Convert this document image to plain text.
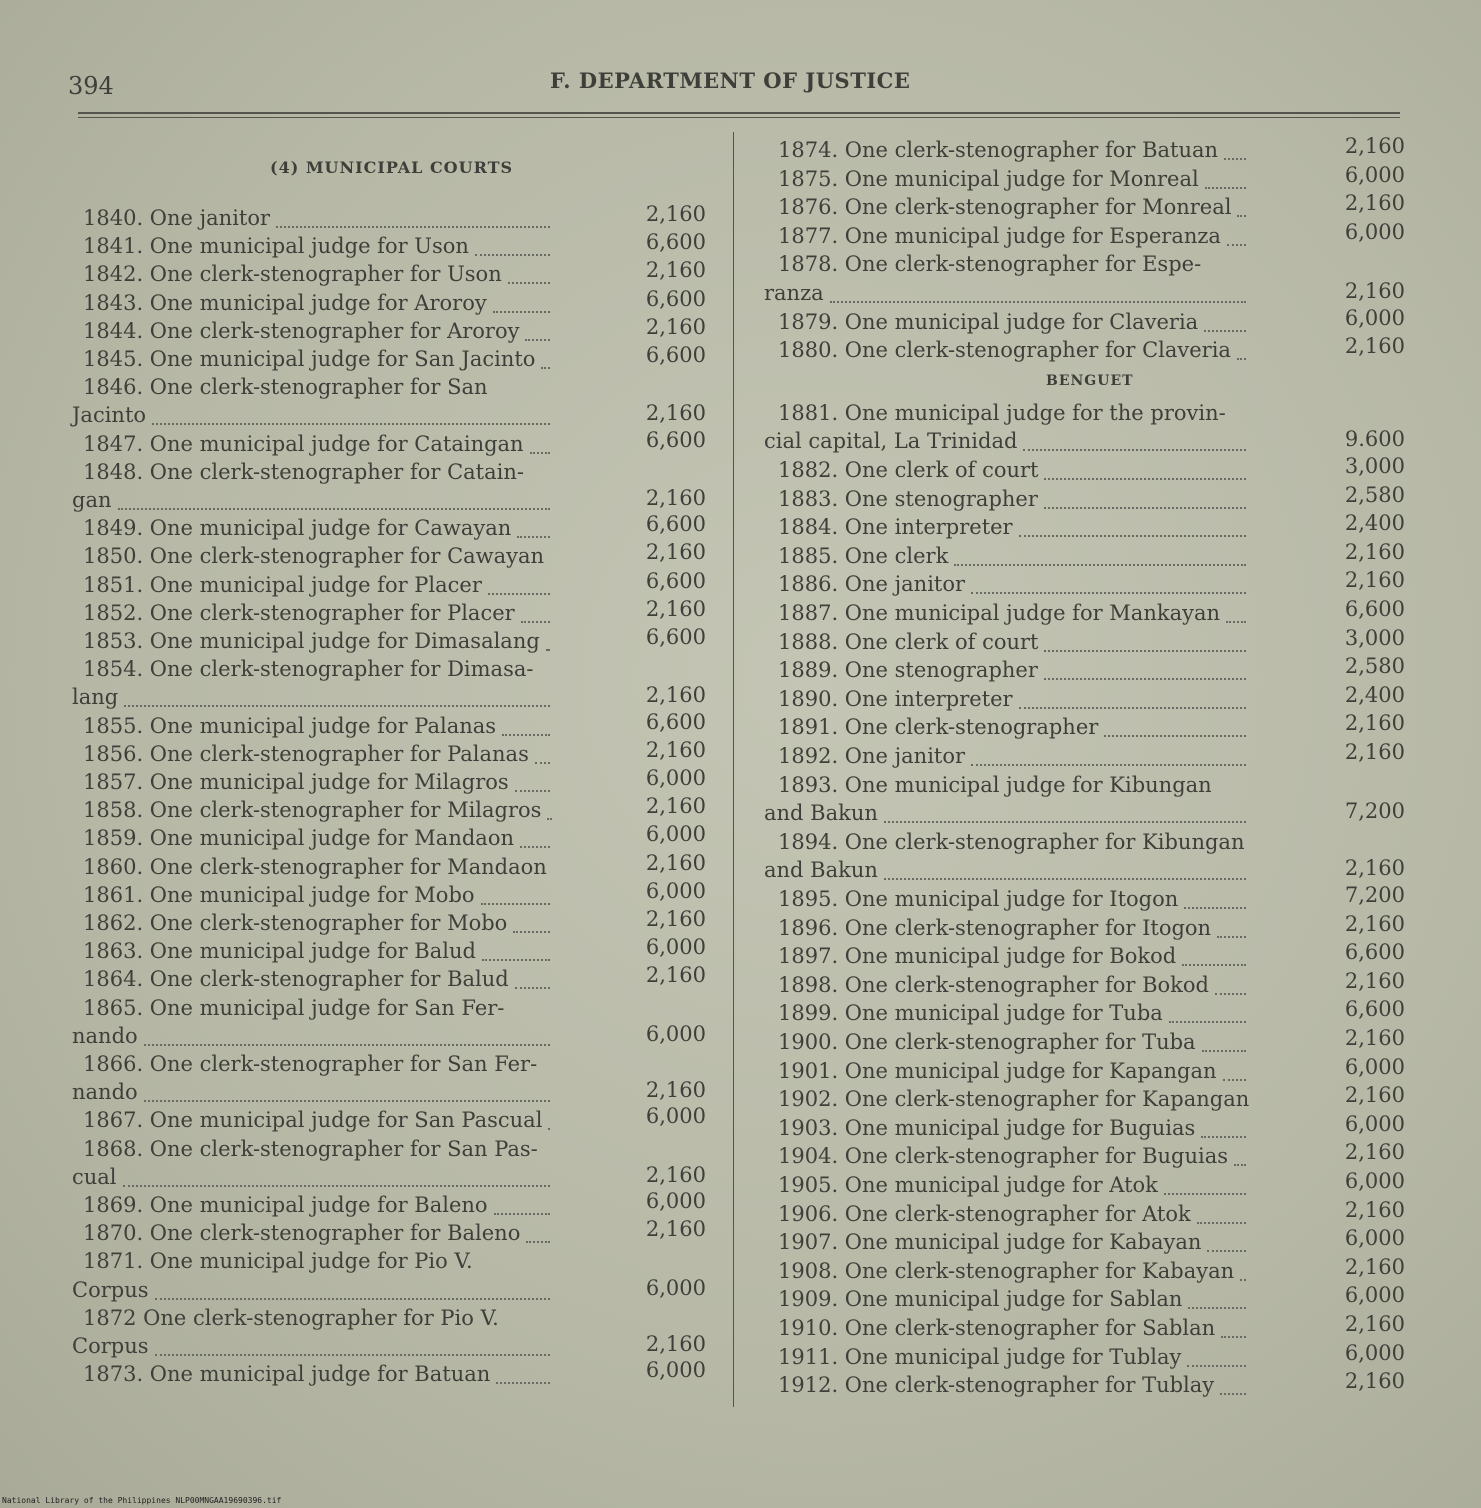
394	F. DEPARTMENT OF JUSTICE
(4) MUNICIPAL COURTS
1840. One janitor	2,160
1841. One municipal judge for Uson	6,600
1842. One clerk-stenographer for Uson	2,160
1843. One municipal judge for Aroroy	6,600
1844. One clerk-stenographer for Aroroy	2,160
1845. One municipal judge for San Jacinto	6,600
1846. One clerk-stenographer for San
Jacinto	2,160
1847. One municipal judge for Cataingan	6,600
1848. One clerk-stenographer for Catain-
gan	2,160
1849. One municipal judge for Cawayan	6,600
1850. One clerk-stenographer for Cawayan	2,160
1851. One municipal judge for Placer	6,600
1852. One clerk-stenographer for Placer	2,160
1853. One municipal judge for Dimasalang	6,600
1854. One clerk-stenographer for Dimasa-
lang	2,160
1855. One municipal judge for Palanas	6,600
1856. One clerk-stenographer for Palanas	2,160
1857. One municipal judge for Milagros	6,000
1858. One clerk-stenographer for Milagros	2,160
1859. One municipal judge for Mandaon	6,000
1860. One clerk-stenographer for Mandaon	2,160
1861. One municipal judge for Mobo	6,000
1862. One clerk-stenographer for Mobo	2,160
1863. One municipal judge for Balud	6,000
1864. One clerk-stenographer for Balud	2,160
1865. One municipal judge for San Fer-
nando	6,000
1866. One clerk-stenographer for San Fer-
nando	2,160
1867. One municipal judge for San Pascual	6,000
1868. One clerk-stenographer for San Pas-
cual	2,160
1869. One municipal judge for Baleno	6,000
1870. One clerk-stenographer for Baleno	2,160
1871. One municipal judge for Pio V.
Corpus	6,000
1872 One clerk-stenographer for Pio V.
Corpus	2,160
1873. One municipal judge for Batuan	6,000
BENGUET
1874. One clerk-stenographer for Batuan	2,160
1875. One municipal judge for Monreal	6,000
1876. One clerk-stenographer for Monreal	2,160
1877. One municipal judge for Esperanza	6,000
1878. One clerk-stenographer for Espe-
ranza	2,160
1879. One municipal judge for Claveria	6,000
1880. One clerk-stenographer for Claveria	2,160
1881. One municipal judge for the provin-
cial capital, La Trinidad	9.600
1882. One clerk of court	3,000
1883. One stenographer	2,580
1884. One interpreter	2,400
1885. One clerk	2,160
1886. One janitor	2,160
1887. One municipal judge for Mankayan	6,600
1888. One clerk of court	3,000
1889. One stenographer	2,580
1890. One interpreter	2,400
1891. One clerk-stenographer	2,160
1892. One janitor	2,160
1893. One municipal judge for Kibungan
and Bakun	7,200
1894. One clerk-stenographer for Kibungan
and Bakun	2,160
1895. One municipal judge for Itogon	7,200
1896. One clerk-stenographer for Itogon	2,160
1897. One municipal judge for Bokod	6,600
1898. One clerk-stenographer for Bokod	2,160
1899. One municipal judge for Tuba	6,600
1900. One clerk-stenographer for Tuba	2,160
1901. One municipal judge for Kapangan	6,000
1902. One clerk-stenographer for Kapangan	2,160
1903. One municipal judge for Buguias	6,000
1904. One clerk-stenographer for Buguias	2,160
1905. One municipal judge for Atok	6,000
1906. One clerk-stenographer for Atok	2,160
1907. One municipal judge for Kabayan	6,000
1908. One clerk-stenographer for Kabayan	2,160
1909. One municipal judge for Sablan	6,000
1910. One clerk-stenographer for Sablan	2,160
1911. One municipal judge for Tublay	6,000
1912. One clerk-stenographer for Tublay	2,160
National Library of the Philippines NLP00MNGAA19690396.tif
